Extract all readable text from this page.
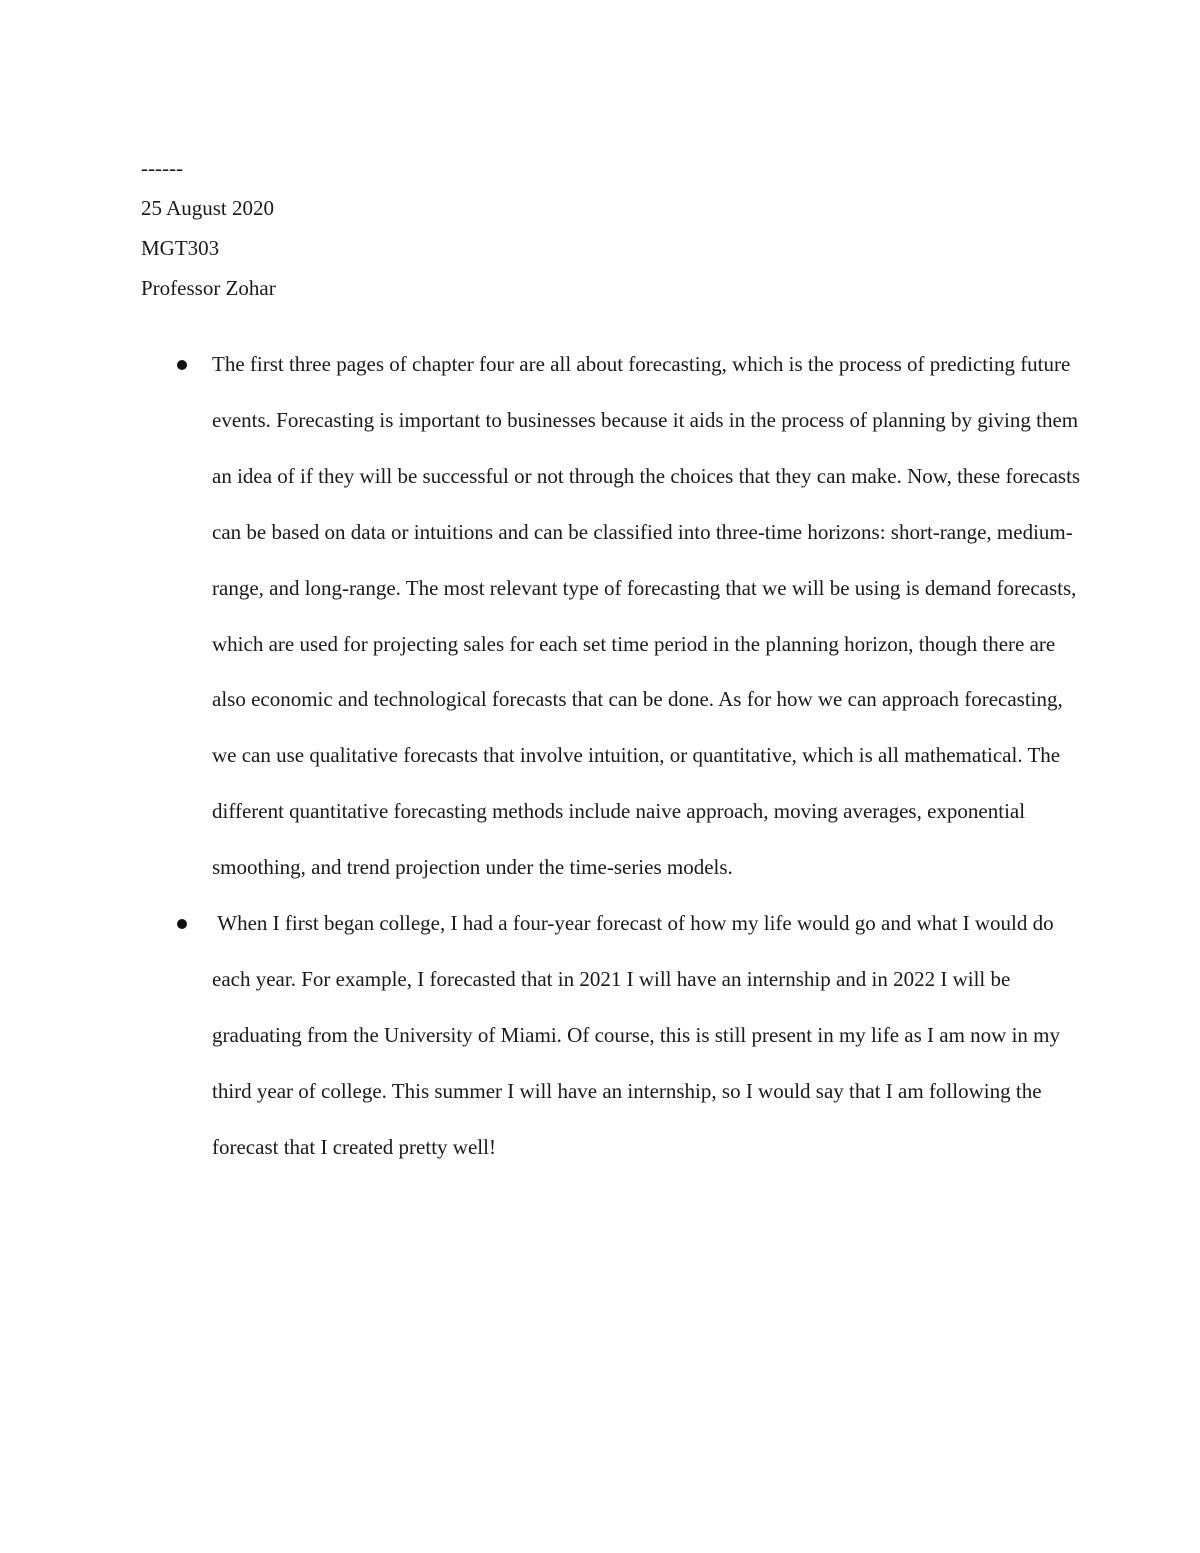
------
25 August 2020
MGT303
Professor Zohar
The first three pages of chapter four are all about forecasting, which is the process of predicting future events. Forecasting is important to businesses because it aids in the process of planning by giving them an idea of if they will be successful or not through the choices that they can make. Now, these forecasts can be based on data or intuitions and can be classified into three-time horizons: short-range, medium-range, and long-range. The most relevant type of forecasting that we will be using is demand forecasts, which are used for projecting sales for each set time period in the planning horizon, though there are also economic and technological forecasts that can be done. As for how we can approach forecasting, we can use qualitative forecasts that involve intuition, or quantitative, which is all mathematical. The different quantitative forecasting methods include naive approach, moving averages, exponential smoothing, and trend projection under the time-series models.
When I first began college, I had a four-year forecast of how my life would go and what I would do each year. For example, I forecasted that in 2021 I will have an internship and in 2022 I will be graduating from the University of Miami. Of course, this is still present in my life as I am now in my third year of college. This summer I will have an internship, so I would say that I am following the forecast that I created pretty well!
